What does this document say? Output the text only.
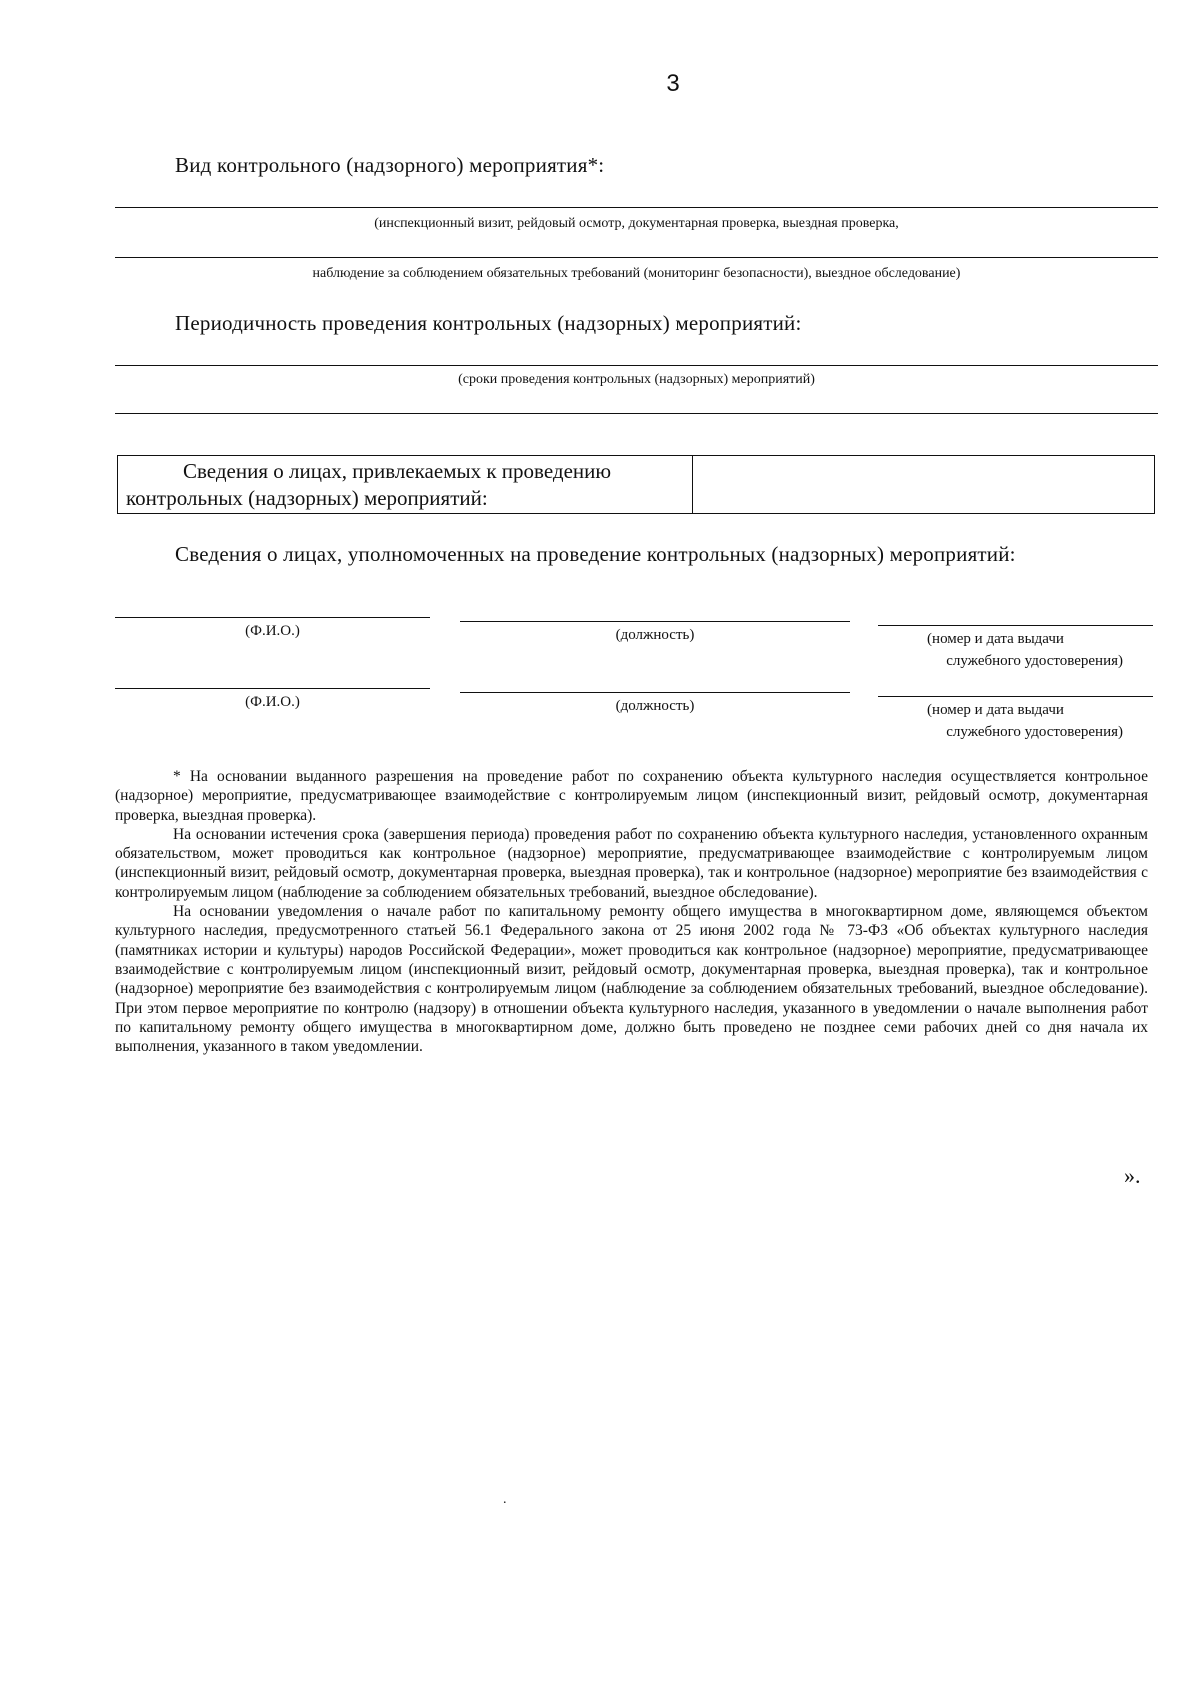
3
Вид контрольного (надзорного) мероприятия*:
(инспекционный визит, рейдовый осмотр, документарная проверка, выездная проверка,
наблюдение за соблюдением обязательных требований (мониторинг безопасности), выездное обследование)
Периодичность проведения контрольных (надзорных) мероприятий:
(сроки проведения контрольных (надзорных) мероприятий)
Сведения о лицах, привлекаемых к проведению
контрольных (надзорных) мероприятий:
Сведения о лицах, уполномоченных на проведение контрольных (надзорных) мероприятий:
(Ф.И.О.)	(должность)	(номер и дата выдачи
служебного удостоверения)
(Ф.И.О.)	(должность)	(номер и дата выдачи
служебного удостоверения)

* На основании выданного разрешения на проведение работ по сохранению объекта культурного наследия осуществляется контрольное (надзорное) мероприятие, предусматривающее взаимодействие с контролируемым лицом (инспекционный визит, рейдовый осмотр, документарная проверка, выездная проверка).

На основании истечения срока (завершения периода) проведения работ по сохранению объекта культурного наследия, установленного охранным обязательством, может проводиться как контрольное (надзорное) мероприятие, предусматривающее взаимодействие с контролируемым лицом (инспекционный визит, рейдовый осмотр, документарная проверка, выездная проверка), так и контрольное (надзорное) мероприятие без взаимодействия с контролируемым лицом (наблюдение за соблюдением обязательных требований, выездное обследование).

На основании уведомления о начале работ по капитальному ремонту общего имущества в многоквартирном доме, являющемся объектом культурного наследия, предусмотренного статьей 56.1 Федерального закона от 25 июня 2002 года № 73-ФЗ «Об объектах культурного наследия (памятниках истории и культуры) народов Российской Федерации», может проводиться как контрольное (надзорное) мероприятие, предусматривающее взаимодействие с контролируемым лицом (инспекционный визит, рейдовый осмотр, документарная проверка, выездная проверка), так и контрольное (надзорное) мероприятие без взаимодействия с контролируемым лицом (наблюдение за соблюдением обязательных требований, выездное обследование). При этом первое мероприятие по контролю (надзору) в отношении объекта культурного наследия, указанного в уведомлении о начале выполнения работ по капитальному ремонту общего имущества в многоквартирном доме, должно быть проведено не позднее семи рабочих дней со дня начала их выполнения, указанного в таком уведомлении.

».
.
